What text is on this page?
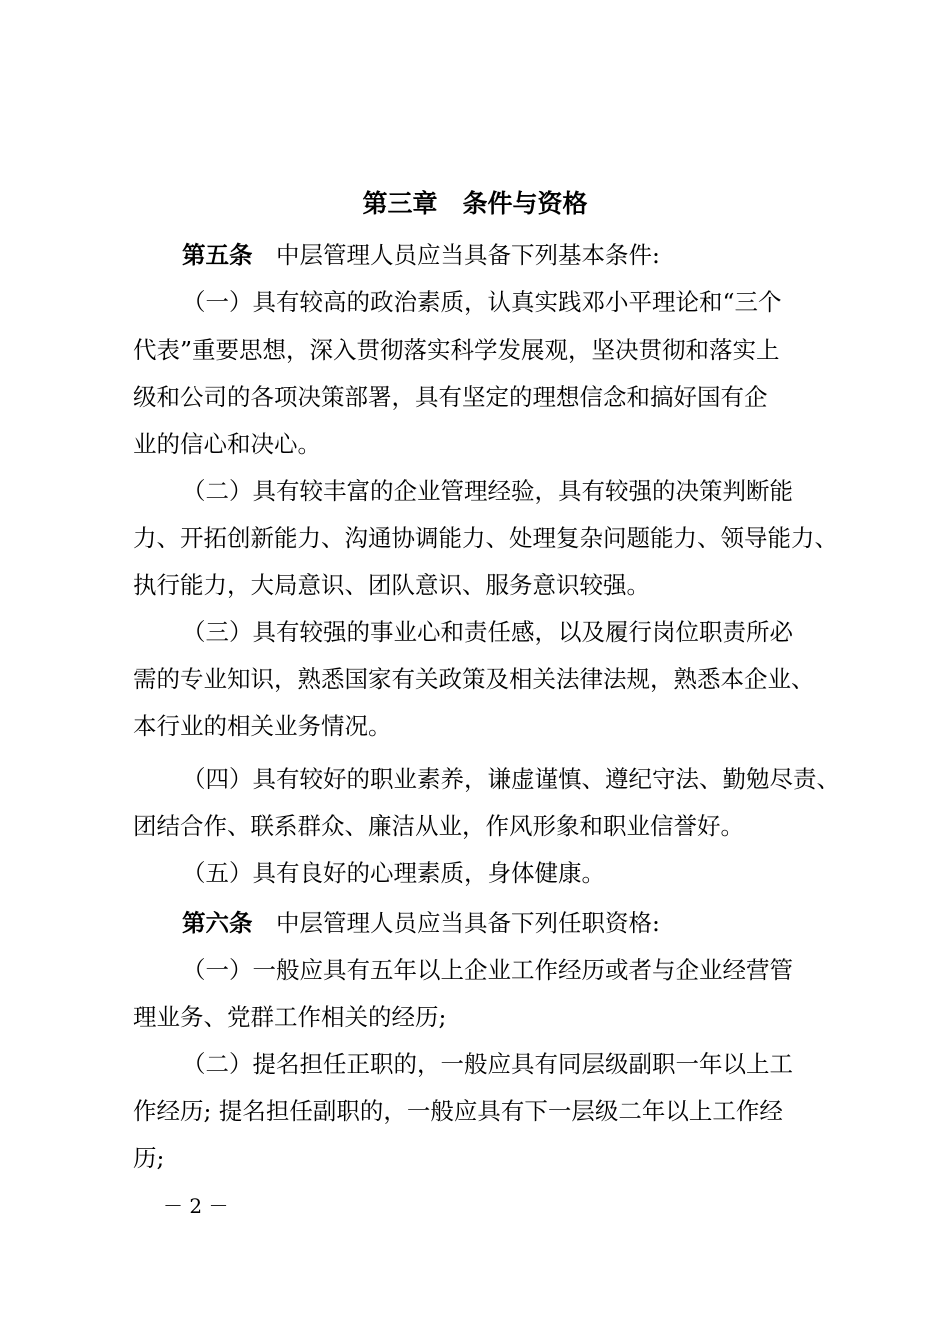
第三章　条件与资格
第五条　中层管理人员应当具备下列基本条件:
（一）具有较高的政治素质，认真实践邓小平理论和“三个
代表”重要思想，深入贯彻落实科学发展观，坚决贯彻和落实上
级和公司的各项决策部署，具有坚定的理想信念和搞好国有企
业的信心和决心。
（二）具有较丰富的企业管理经验，具有较强的决策判断能
力、开拓创新能力、沟通协调能力、处理复杂问题能力、领导能力、
执行能力，大局意识、团队意识、服务意识较强。
（三）具有较强的事业心和责任感，以及履行岗位职责所必
需的专业知识，熟悉国家有关政策及相关法律法规，熟悉本企业、
本行业的相关业务情况。
（四）具有较好的职业素养，谦虚谨慎、遵纪守法、勤勉尽责、
团结合作、联系群众、廉洁从业，作风形象和职业信誉好。
（五）具有良好的心理素质，身体健康。
第六条　中层管理人员应当具备下列任职资格:
（一）一般应具有五年以上企业工作经历或者与企业经营管
理业务、党群工作相关的经历;
（二）提名担任正职的，一般应具有同层级副职一年以上工
作经历; 提名担任副职的，一般应具有下一层级二年以上工作经
历;
－ 2 －
